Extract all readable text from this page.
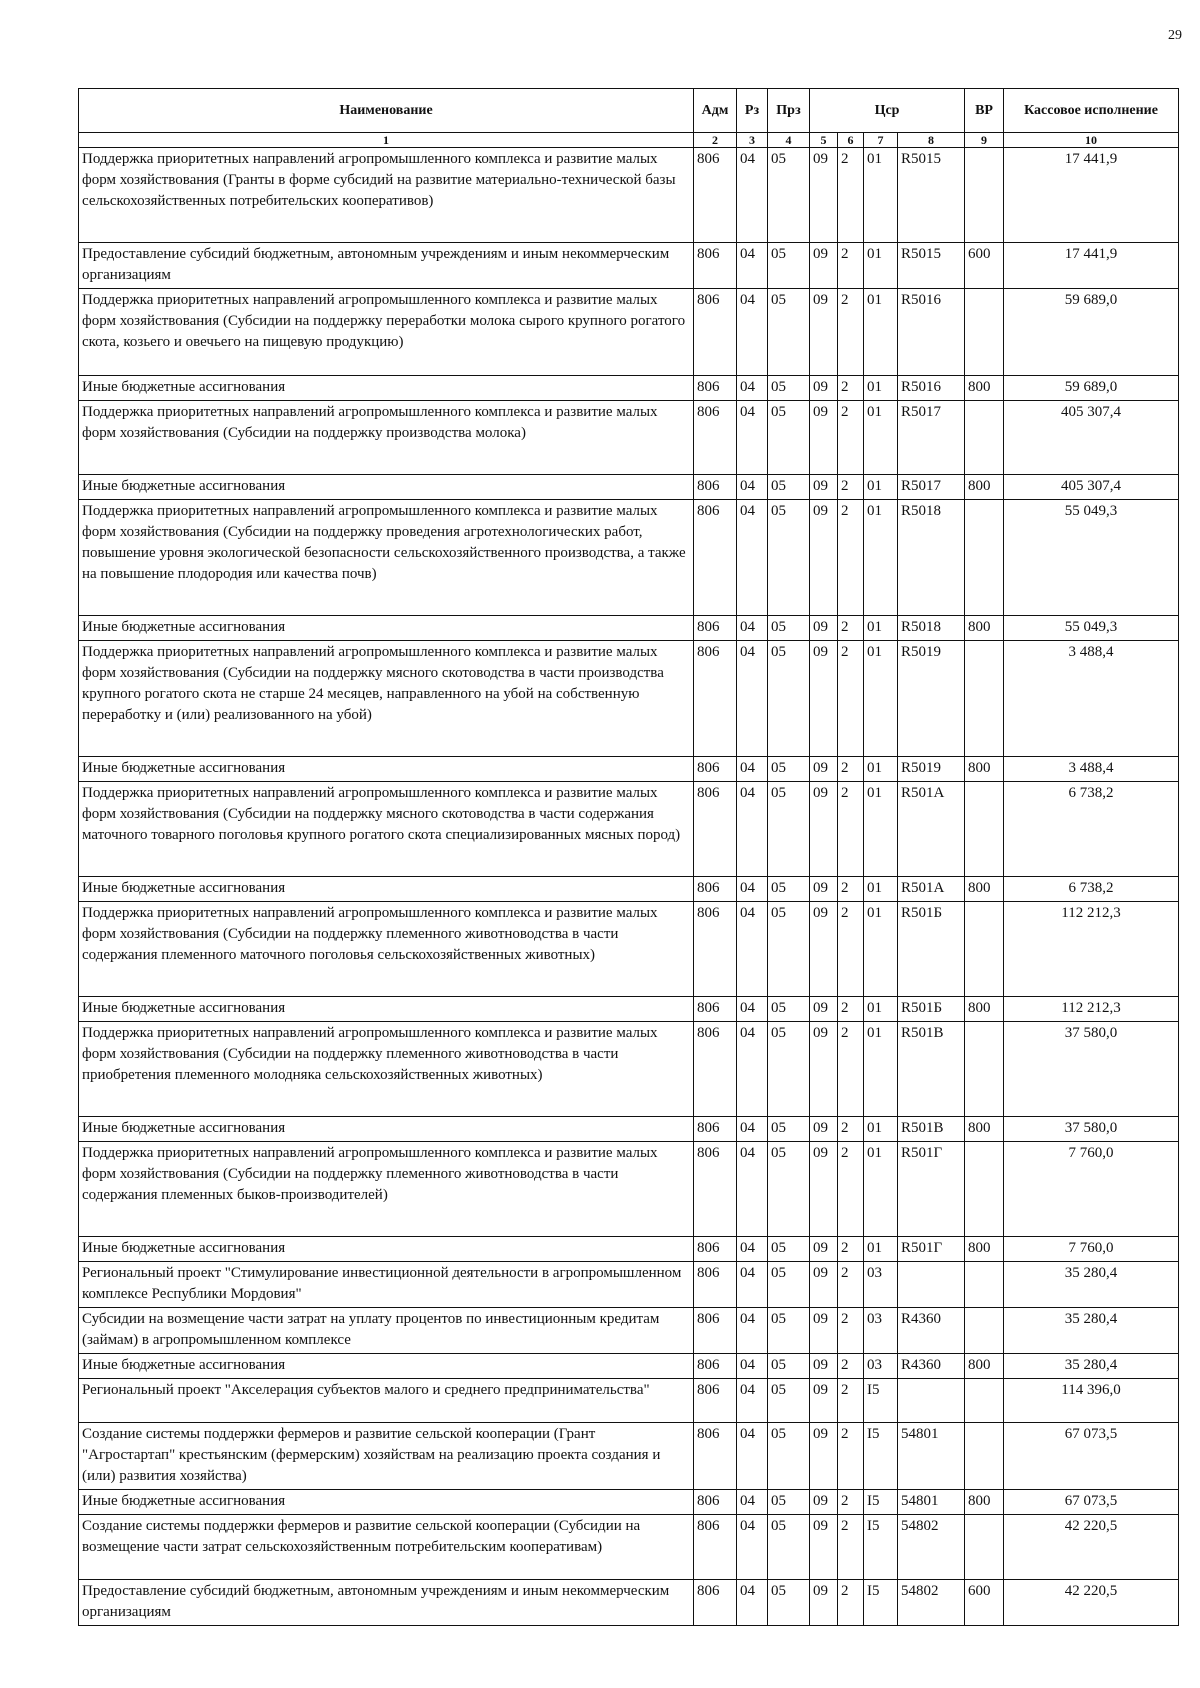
29
Наименование	Адм	Рз	Прз	Цср				ВР	Кассовое исполнение
1	2	3	4	5	6	7	8	9	10
Поддержка приоритетных направлений агропромышленного комплекса и развитие малых форм хозяйствования (Гранты в форме субсидий на развитие материально-технической базы сельскохозяйственных потребительских кооперативов)	806	04	05	09	2	01	R5015		17 441,9
Предоставление субсидий бюджетным, автономным учреждениям и иным некоммерческим организациям	806	04	05	09	2	01	R5015	600	17 441,9
Поддержка приоритетных направлений агропромышленного комплекса и развитие малых форм хозяйствования (Субсидии на поддержку переработки молока сырого крупного рогатого скота, козьего и овечьего на пищевую продукцию)	806	04	05	09	2	01	R5016		59 689,0
Иные бюджетные ассигнования	806	04	05	09	2	01	R5016	800	59 689,0
Поддержка приоритетных направлений агропромышленного комплекса и развитие малых форм хозяйствования (Субсидии на поддержку производства молока)	806	04	05	09	2	01	R5017		405 307,4
Иные бюджетные ассигнования	806	04	05	09	2	01	R5017	800	405 307,4
Поддержка приоритетных направлений агропромышленного комплекса и развитие малых форм хозяйствования (Субсидии на поддержку проведения агротехнологических работ, повышение уровня экологической безопасности сельскохозяйственного производства, а также на повышение плодородия или качества почв)	806	04	05	09	2	01	R5018		55 049,3
Иные бюджетные ассигнования	806	04	05	09	2	01	R5018	800	55 049,3
Поддержка приоритетных направлений агропромышленного комплекса и развитие малых форм хозяйствования (Субсидии на поддержку мясного скотоводства в части производства крупного рогатого скота не старше 24 месяцев, направленного на убой на собственную переработку и (или) реализованного на убой)	806	04	05	09	2	01	R5019		3 488,4
Иные бюджетные ассигнования	806	04	05	09	2	01	R5019	800	3 488,4
Поддержка приоритетных направлений агропромышленного комплекса и развитие малых форм хозяйствования (Субсидии на поддержку мясного скотоводства в части содержания маточного товарного поголовья крупного рогатого скота специализированных мясных пород)	806	04	05	09	2	01	R501A		6 738,2
Иные бюджетные ассигнования	806	04	05	09	2	01	R501A	800	6 738,2
Поддержка приоритетных направлений агропромышленного комплекса и развитие малых форм хозяйствования (Субсидии на поддержку племенного животноводства в части содержания племенного маточного поголовья сельскохозяйственных животных)	806	04	05	09	2	01	R501Б		112 212,3
Иные бюджетные ассигнования	806	04	05	09	2	01	R501Б	800	112 212,3
Поддержка приоритетных направлений агропромышленного комплекса и развитие малых форм хозяйствования (Субсидии на поддержку племенного животноводства в части приобретения племенного молодняка сельскохозяйственных животных)	806	04	05	09	2	01	R501В		37 580,0
Иные бюджетные ассигнования	806	04	05	09	2	01	R501В	800	37 580,0
Поддержка приоритетных направлений агропромышленного комплекса и развитие малых форм хозяйствования (Субсидии на поддержку племенного животноводства в части содержания племенных быков-производителей)	806	04	05	09	2	01	R501Г		7 760,0
Иные бюджетные ассигнования	806	04	05	09	2	01	R501Г	800	7 760,0
Региональный проект "Стимулирование инвестиционной деятельности в агропромышленном комплексе Республики Мордовия"	806	04	05	09	2	03			35 280,4
Субсидии на возмещение части затрат на уплату процентов по инвестиционным кредитам (займам) в агропромышленном комплексе	806	04	05	09	2	03	R4360		35 280,4
Иные бюджетные ассигнования	806	04	05	09	2	03	R4360	800	35 280,4
Региональный проект "Акселерация субъектов малого и среднего предпринимательства"	806	04	05	09	2	I5			114 396,0
Создание системы поддержки фермеров и развитие сельской кооперации (Грант "Агростартап" крестьянским (фермерским) хозяйствам на реализацию проекта создания и (или) развития хозяйства)	806	04	05	09	2	I5	54801		67 073,5
Иные бюджетные ассигнования	806	04	05	09	2	I5	54801	800	67 073,5
Создание системы поддержки фермеров и развитие сельской кооперации (Субсидии на возмещение части затрат сельскохозяйственным потребительским кооперативам)	806	04	05	09	2	I5	54802		42 220,5
Предоставление субсидий бюджетным, автономным учреждениям и иным некоммерческим организациям	806	04	05	09	2	I5	54802	600	42 220,5
